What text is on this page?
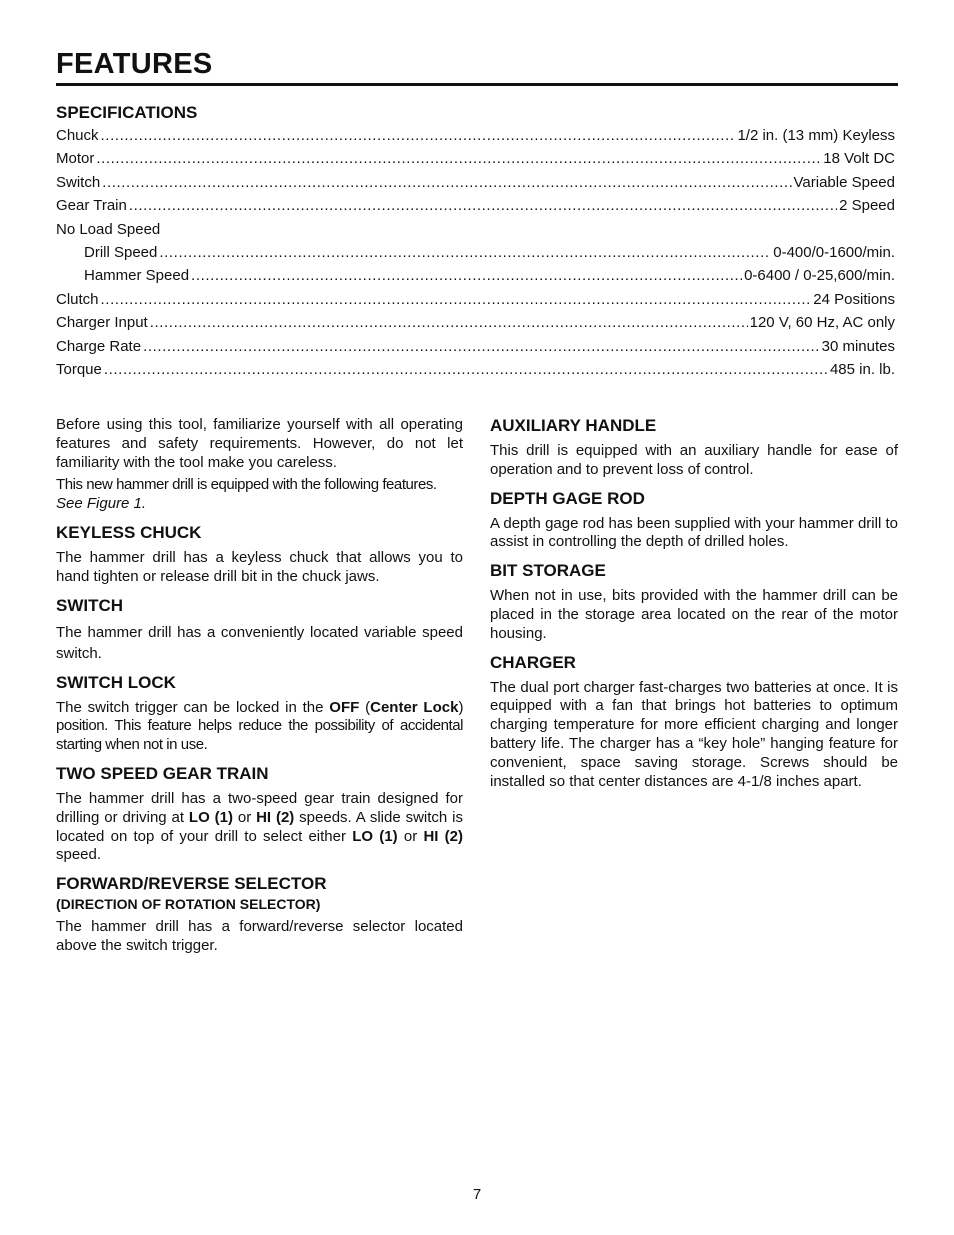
FEATURES
SPECIFICATIONS
Chuck .....	1/2 in. (13 mm) Keyless
Motor .....	18 Volt DC
Switch .....	Variable Speed
Gear Train .....	2 Speed
No Load Speed
Drill Speed .....	0-400/0-1600/min.
Hammer Speed .....	0-6400 / 0-25,600/min.
Clutch .....	24 Positions
Charger Input .....	120 V, 60 Hz, AC only
Charge Rate .....	30 minutes
Torque .....	485 in. lb.

Before using this tool, familiarize yourself with all operating features and safety requirements. However, do not let familiarity with the tool make you careless.

This new hammer drill is equipped with the following features.
See Figure 1.

KEYLESS CHUCK

The hammer drill has a keyless chuck that allows you to hand tighten or release drill bit in the chuck jaws.

SWITCH

The hammer drill has a conveniently located variable speed switch.

SWITCH LOCK

The switch trigger can be locked in the OFF (Center Lock) position. This feature helps reduce the possibility of accidental starting when not in use.

TWO SPEED GEAR TRAIN

The hammer drill has a two-speed gear train designed for drilling or driving at LO (1) or HI (2) speeds. A slide switch is located on top of your drill to select either LO (1) or HI (2) speed.

FORWARD/REVERSE SELECTOR
(DIRECTION OF ROTATION SELECTOR)

The hammer drill has a forward/reverse selector located above the switch trigger.

AUXILIARY HANDLE

This drill is equipped with an auxiliary handle for ease of operation and to prevent loss of control.

DEPTH GAGE ROD

A depth gage rod has been supplied with your hammer drill to assist in controlling the depth of drilled holes.

BIT STORAGE

When not in use, bits provided with the hammer drill can be placed in the storage area located on the rear of the motor housing.

CHARGER

The dual port charger fast-charges two batteries at once. It is equipped with a fan that brings hot batteries to optimum charging temperature for more efficient charging and longer battery life. The charger has a “key hole” hanging feature for convenient, space saving storage. Screws should be installed so that center distances are 4-1/8 inches apart.

7
